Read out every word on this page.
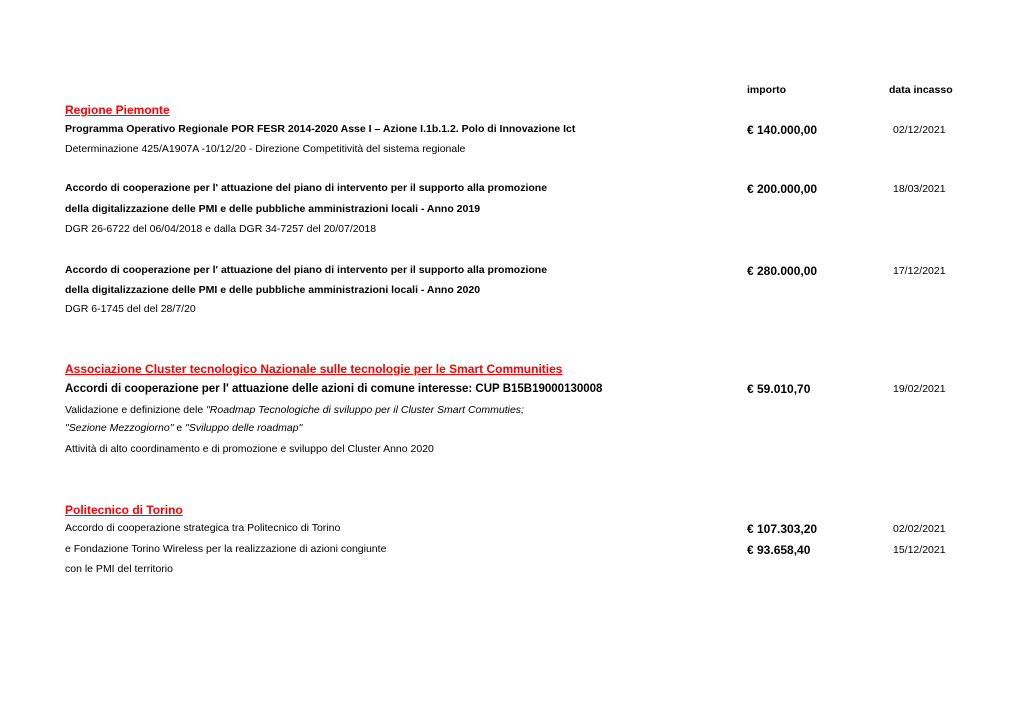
importo	data incasso
Regione Piemonte
Programma Operativo Regionale POR FESR 2014-2020 Asse I – Azione I.1b.1.2. Polo di Innovazione Ict	€ 140.000,00	02/12/2021
Determinazione 425/A1907A -10/12/20 - Direzione Competitività del sistema regionale
Accordo di cooperazione per l' attuazione del piano di intervento per il supporto alla promozione	€ 200.000,00	18/03/2021
della digitalizzazione delle PMI e delle pubbliche amministrazioni locali - Anno 2019
DGR 26-6722 del 06/04/2018 e dalla DGR 34-7257 del 20/07/2018
Accordo di cooperazione per l' attuazione del piano di intervento per il supporto alla promozione	€ 280.000,00	17/12/2021
della digitalizzazione delle PMI e delle pubbliche amministrazioni locali - Anno 2020
DGR 6-1745 del del 28/7/20
Associazione Cluster tecnologico Nazionale sulle tecnologie per le Smart Communities
Accordi di cooperazione per l' attuazione delle azioni di comune interesse: CUP B15B19000130008	€ 59.010,70	19/02/2021
Validazione e definizione dele "Roadmap Tecnologiche di sviluppo per il Cluster Smart Commuties;
"Sezione Mezzogiorno" e "Sviluppo delle roadmap"
Attività di alto coordinamento e di promozione e sviluppo del Cluster Anno 2020
Politecnico di Torino
Accordo di cooperazione strategica tra Politecnico di Torino	€ 107.303,20	02/02/2021
e Fondazione Torino Wireless per la realizzazione di azioni congiunte	€ 93.658,40	15/12/2021
con le PMI del territorio
